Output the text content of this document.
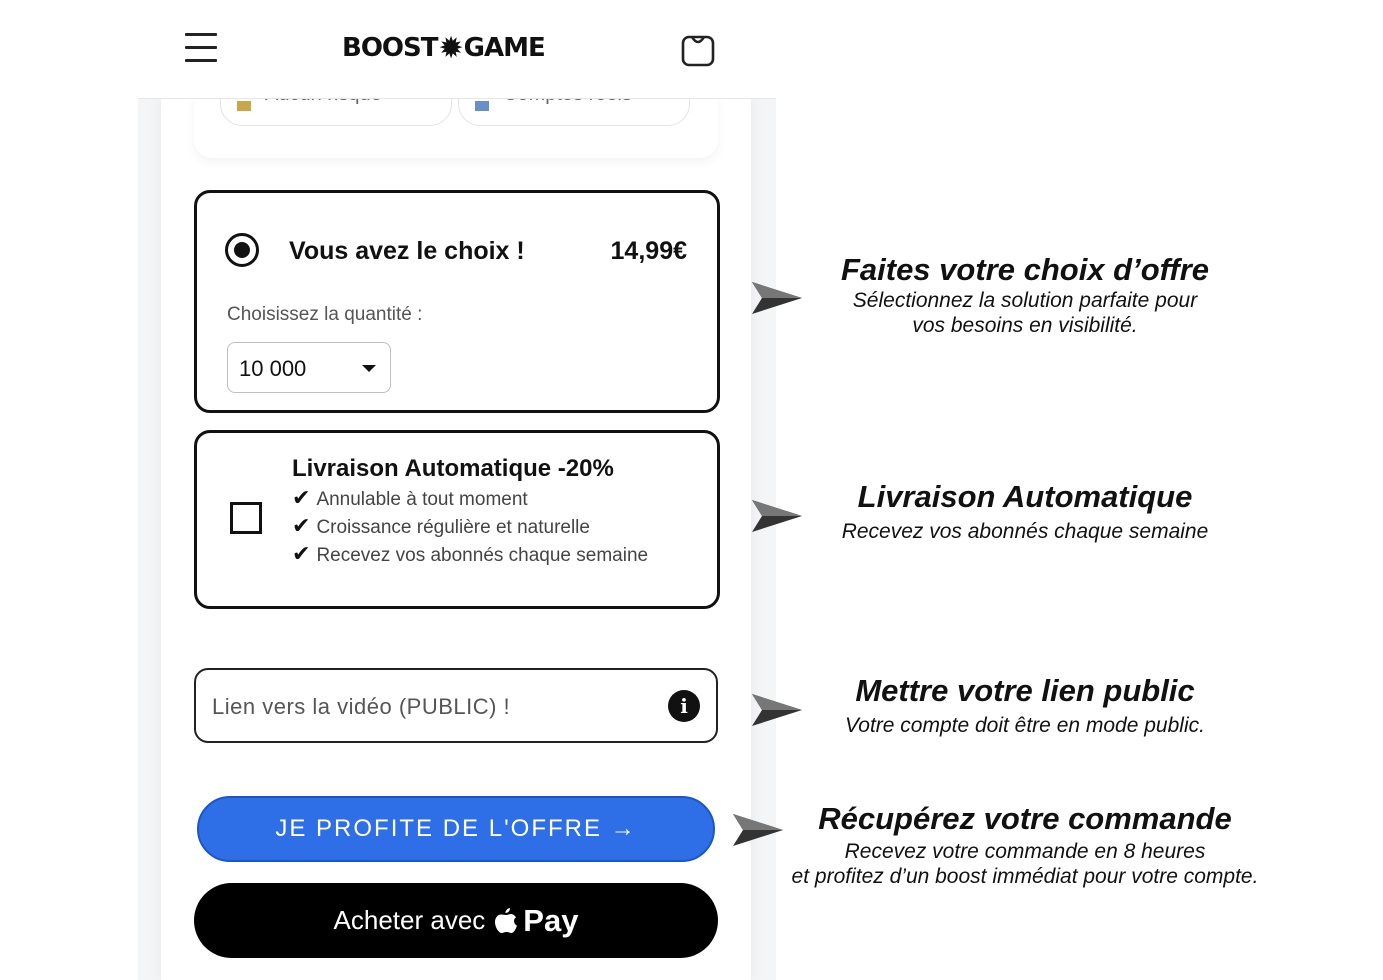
BOOST ✹ GAME
Vous avez le choix !	14,99€
Choisissez la quantité :
10 000
Livraison Automatique -20%
✔ Annulable à tout moment
✔ Croissance régulière et naturelle
✔ Recevez vos abonnés chaque semaine
Lien vers la vidéo (PUBLIC) !
i
JE PROFITE DE L'OFFRE →
Acheter avec Pay
Faites votre choix d’offre
Sélectionnez la solution parfaite pour
vos besoins en visibilité.
Livraison Automatique
Recevez vos abonnés chaque semaine
Mettre votre lien public
Votre compte doit être en mode public.
Récupérez votre commande
Recevez votre commande en 8 heures
et profitez d’un boost immédiat pour votre compte.
